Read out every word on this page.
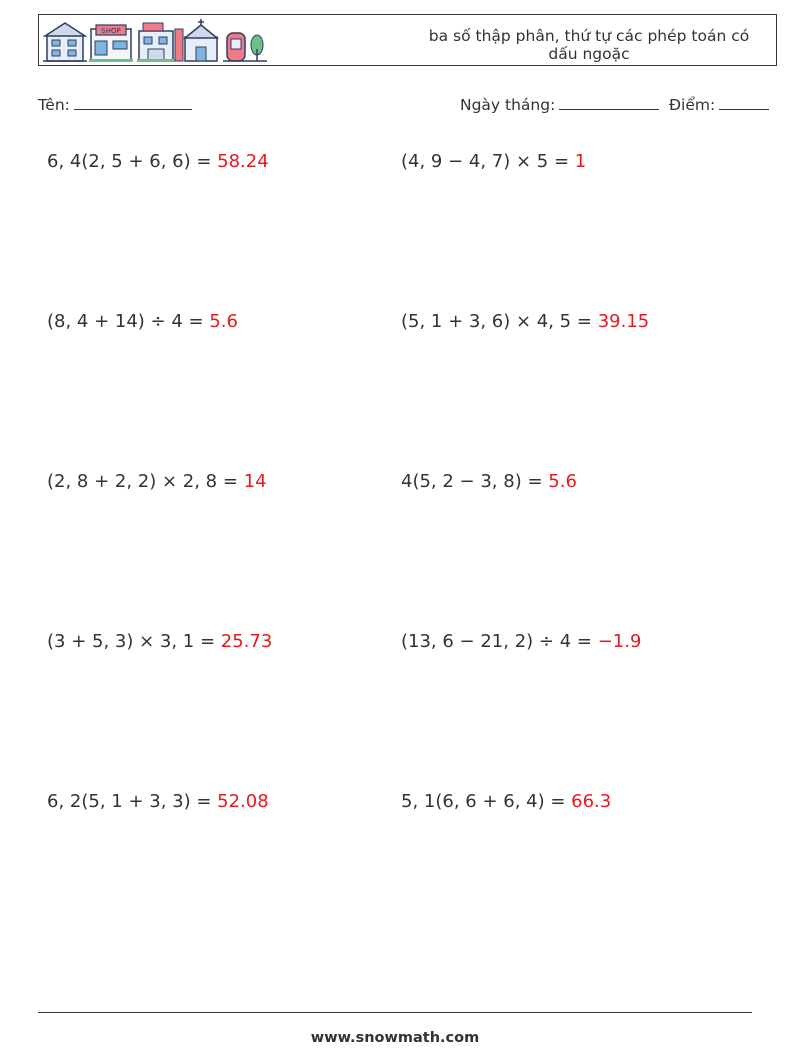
SHOP	ba số thập phân, thứ tự các phép toán có dấu ngoặc
Tên:	Ngày tháng:	Điểm:
6, 4(2, 5 + 6, 6) = 58.24	(4, 9 − 4, 7) × 5 = 1
(8, 4 + 14) ÷ 4 = 5.6	(5, 1 + 3, 6) × 4, 5 = 39.15
(2, 8 + 2, 2) × 2, 8 = 14	4(5, 2 − 3, 8) = 5.6
(3 + 5, 3) × 3, 1 = 25.73	(13, 6 − 21, 2) ÷ 4 = −1.9
6, 2(5, 1 + 3, 3) = 52.08	5, 1(6, 6 + 6, 4) = 66.3
www.snowmath.com
